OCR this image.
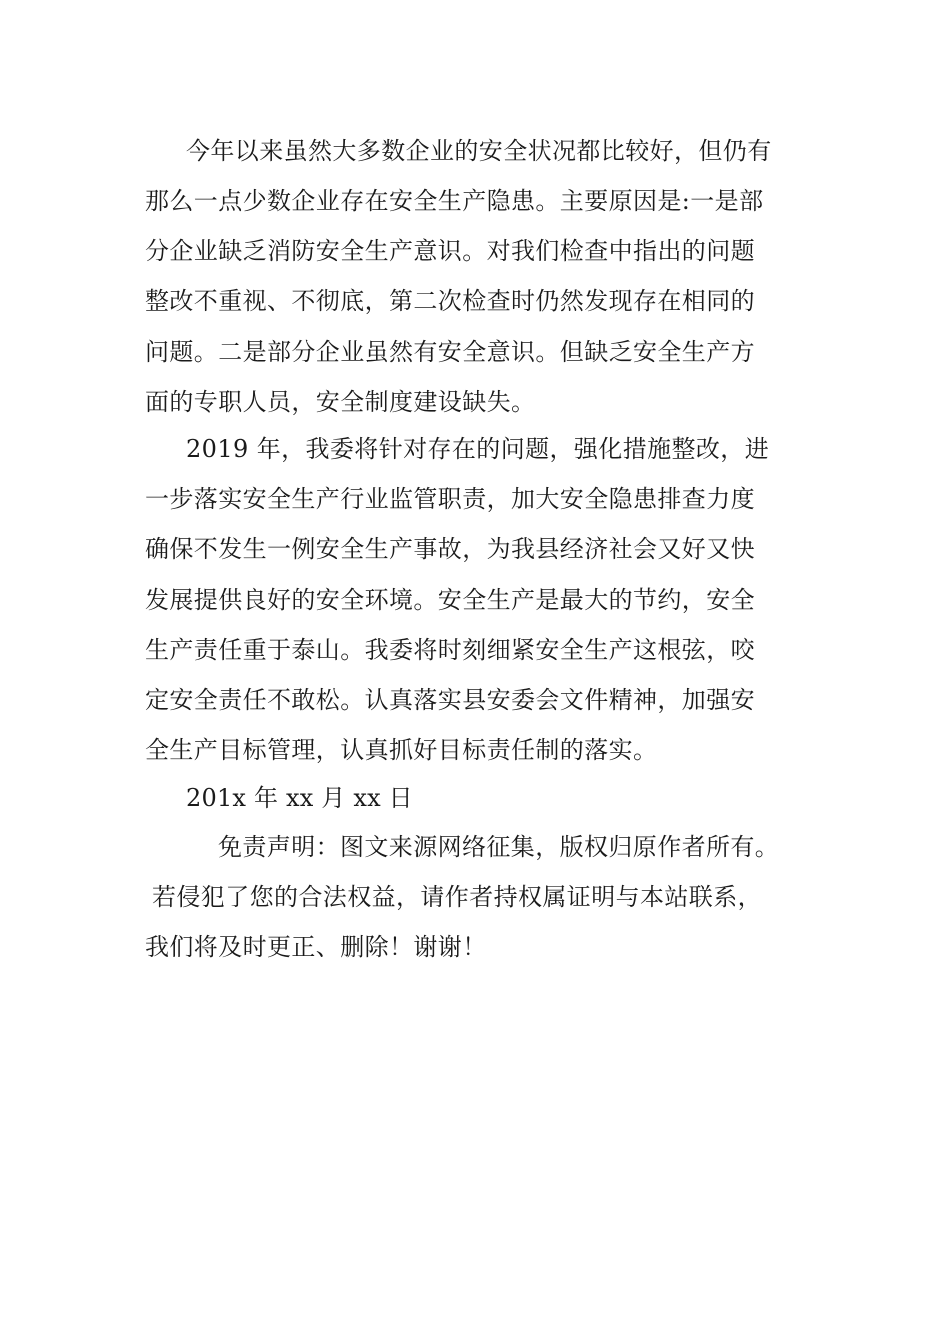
今年以来虽然大多数企业的安全状况都比较好，但仍有
那么一点少数企业存在安全生产隐患。主要原因是:一是部
分企业缺乏消防安全生产意识。对我们检查中指出的问题
整改不重视、不彻底，第二次检查时仍然发现存在相同的
问题。二是部分企业虽然有安全意识。但缺乏安全生产方
面的专职人员，安全制度建设缺失。
2019 年，我委将针对存在的问题，强化措施整改，进
一步落实安全生产行业监管职责，加大安全隐患排查力度
确保不发生一例安全生产事故，为我县经济社会又好又快
发展提供良好的安全环境。安全生产是最大的节约，安全
生产责任重于泰山。我委将时刻细紧安全生产这根弦，咬
定安全责任不敢松。认真落实县安委会文件精神，加强安
全生产目标管理，认真抓好目标责任制的落实。
201x 年 xx 月 xx 日
免责声明：图文来源网络征集，版权归原作者所有。
若侵犯了您的合法权益，请作者持权属证明与本站联系，
我们将及时更正、删除！谢谢！
